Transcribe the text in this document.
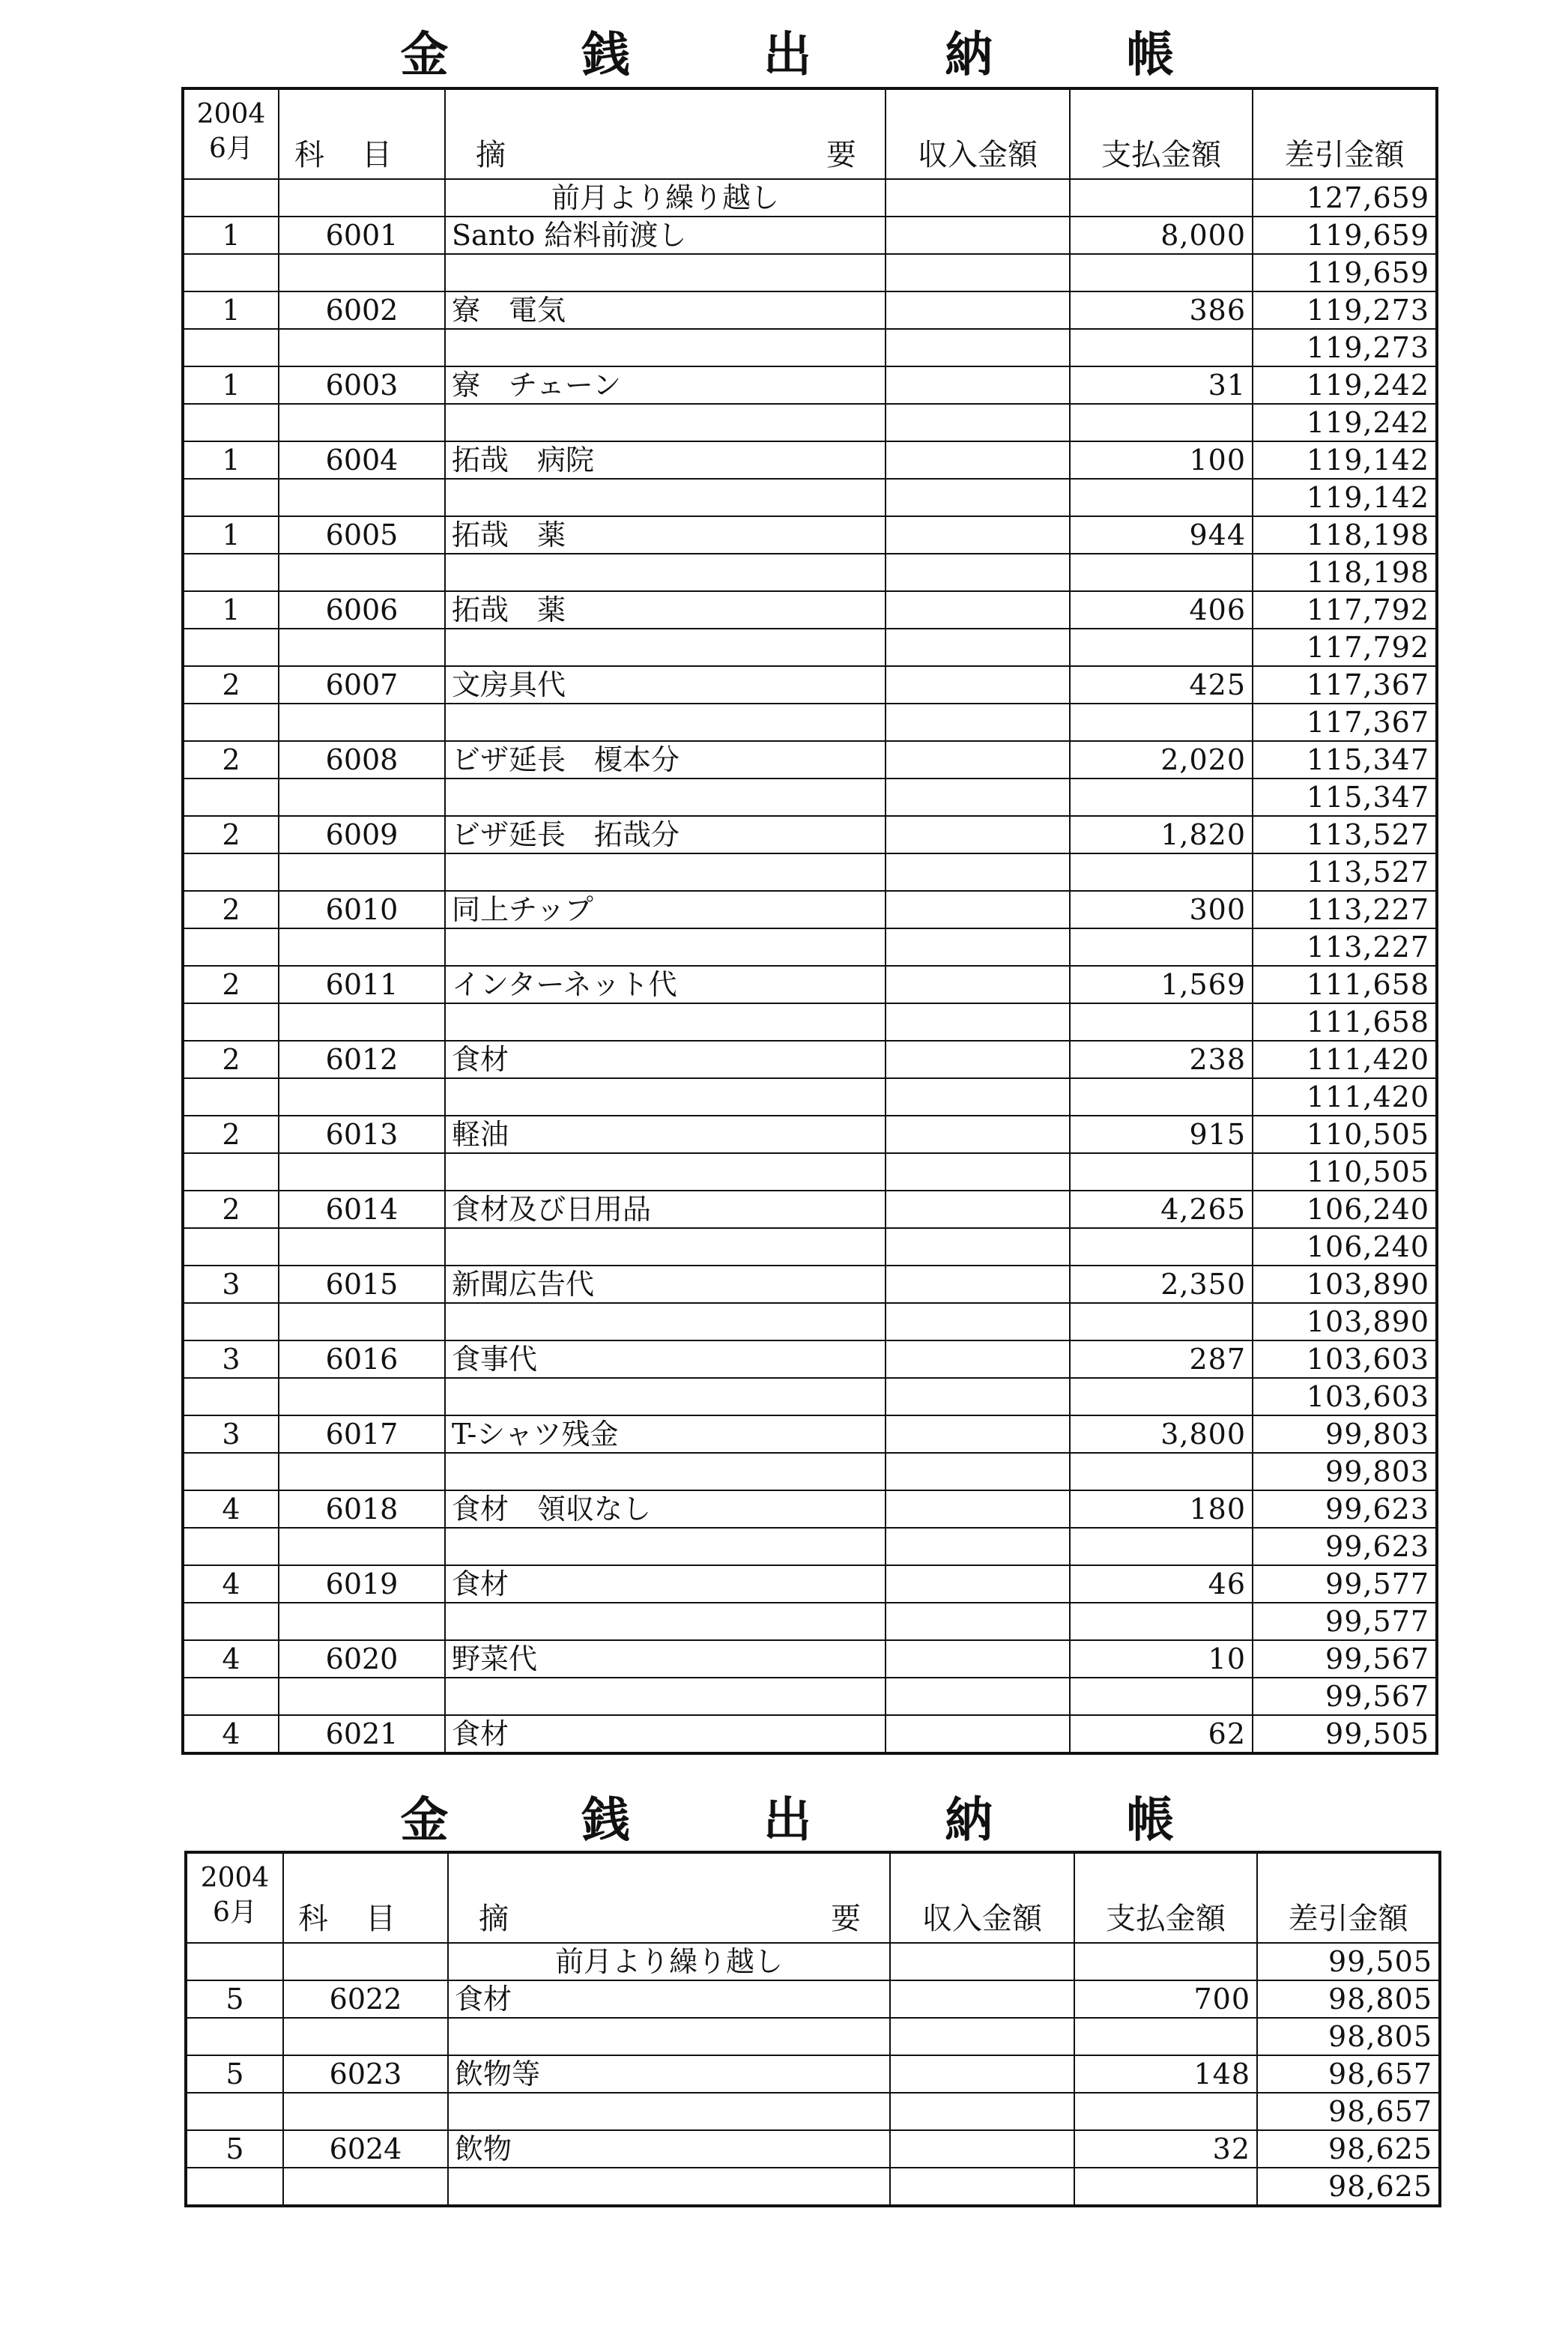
金 銭 出 納 帳
2004
6月	科目	摘 要	収入金額	支払金額	差引金額
		前月より繰り越し			127,659
1	6001	Santo 給料前渡し		8,000	119,659
					119,659
1	6002	寮　電気		386	119,273
					119,273
1	6003	寮　チェーン		31	119,242
					119,242
1	6004	拓哉　病院		100	119,142
					119,142
1	6005	拓哉　薬		944	118,198
					118,198
1	6006	拓哉　薬		406	117,792
					117,792
2	6007	文房具代		425	117,367
					117,367
2	6008	ビザ延長　榎本分		2,020	115,347
					115,347
2	6009	ビザ延長　拓哉分		1,820	113,527
					113,527
2	6010	同上チップ		300	113,227
					113,227
2	6011	インターネット代		1,569	111,658
					111,658
2	6012	食材		238	111,420
					111,420
2	6013	軽油		915	110,505
					110,505
2	6014	食材及び日用品		4,265	106,240
					106,240
3	6015	新聞広告代		2,350	103,890
					103,890
3	6016	食事代		287	103,603
					103,603
3	6017	T-シャツ残金		3,800	99,803
					99,803
4	6018	食材　領収なし		180	99,623
					99,623
4	6019	食材		46	99,577
					99,577
4	6020	野菜代		10	99,567
					99,567
4	6021	食材		62	99,505
金 銭 出 納 帳
2004
6月	科目	摘 要	収入金額	支払金額	差引金額
		前月より繰り越し			99,505
5	6022	食材		700	98,805
					98,805
5	6023	飲物等		148	98,657
					98,657
5	6024	飲物		32	98,625
					98,625
